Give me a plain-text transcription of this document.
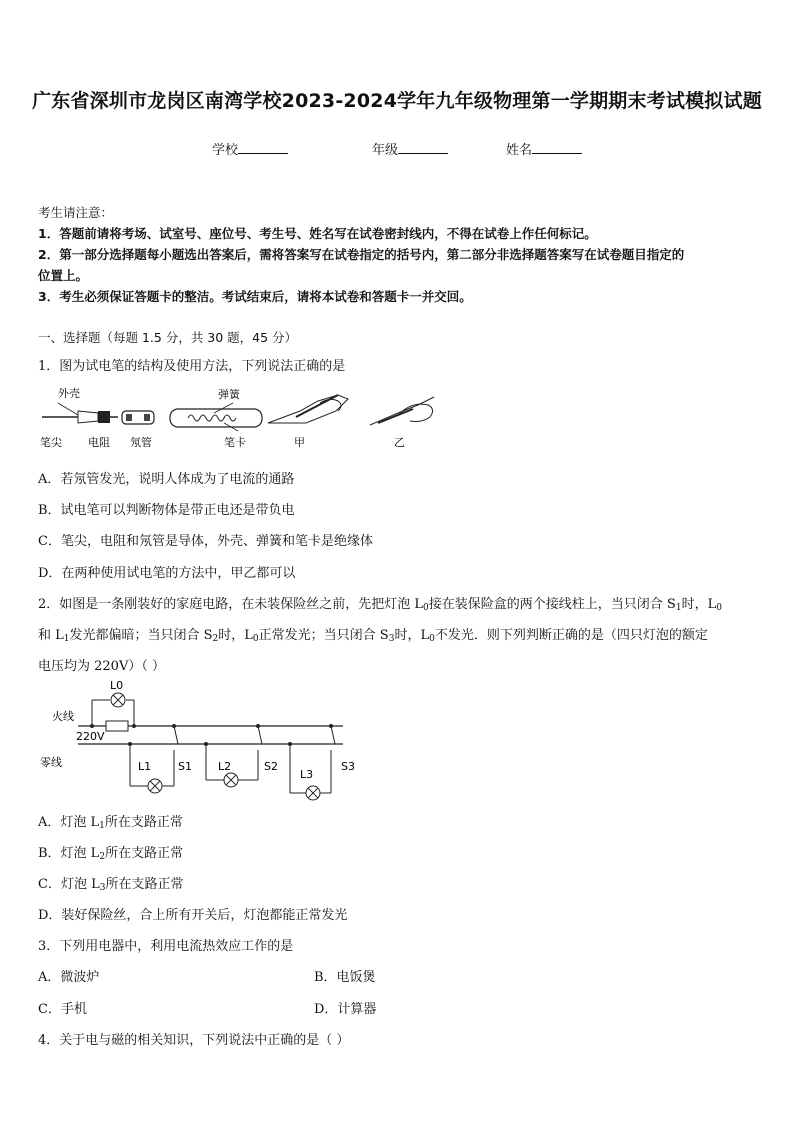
广东省深圳市龙岗区南湾学校2023-2024学年九年级物理第一学期期末考试模拟试题
学校	年级	姓名
考生请注意：
1．答题前请将考场、试室号、座位号、考生号、姓名写在试卷密封线内，不得在试卷上作任何标记。
2．第一部分选择题每小题选出答案后，需将答案写在试卷指定的括号内，第二部分非选择题答案写在试卷题目指定的
位置上。
3．考生必须保证答题卡的整洁。考试结束后，请将本试卷和答题卡一并交回。
一、选择题（每题 1.5 分，共 30 题，45 分）
1．图为试电笔的结构及使用方法，下列说法正确的是
外壳
笔尖 电阻 氖管
弹簧
笔卡	甲	乙
A．若氖管发光，说明人体成为了电流的通路
B．试电笔可以判断物体是带正电还是带负电
C．笔尖，电阻和氖管是导体，外壳、弹簧和笔卡是绝缘体
D．在两种使用试电笔的方法中，甲乙都可以
2．如图是一条刚装好的家庭电路，在未装保险丝之前，先把灯泡 $L_0$接在装保险盒的两个接线柱上，当只闭合 $S_1$时，$L_0$
和 $L_1$发光都偏暗；当只闭合 $S_2$时，$L_0$正常发光；当只闭合 $S_3$时，$L_0$不发光．则下列判断正确的是（四只灯泡的额定
电压均为 220V）（ ）
火线
零线
220V
L0
L1 S1 L2	S2
L3
S3
A．灯泡 $L_1$所在支路正常
B．灯泡 $L_2$所在支路正常
C．灯泡 $L_3$所在支路正常
D．装好保险丝，合上所有开关后，灯泡都能正常发光
3．下列用电器中，利用电流热效应工作的是
A．微波炉	B．电饭煲
C．手机	D．计算器
4．关于电与磁的相关知识，下列说法中正确的是（ ）
